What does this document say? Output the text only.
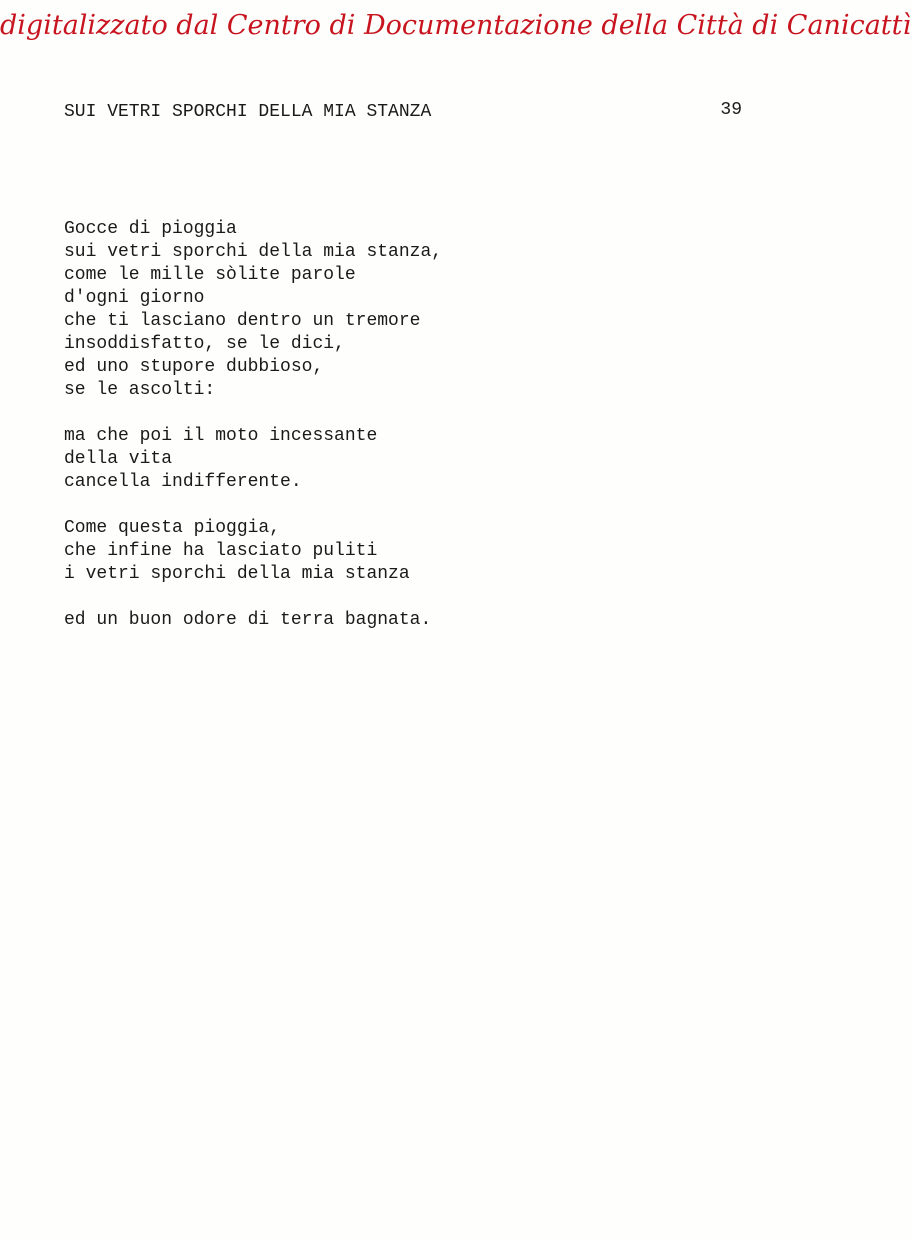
digitalizzato dal Centro di Documentazione della Città di Canicattì
SUI VETRI SPORCHI DELLA MIA STANZA	39
Gocce di pioggia
sui vetri sporchi della mia stanza,
come le mille sòlite parole
d'ogni giorno
che ti lasciano dentro un tremore
insoddisfatto, se le dici,
ed uno stupore dubbioso,
se le ascolti:
ma che poi il moto incessante
della vita
cancella indifferente.
Come questa pioggia,
che infine ha lasciato puliti
i vetri sporchi della mia stanza
ed un buon odore di terra bagnata.
